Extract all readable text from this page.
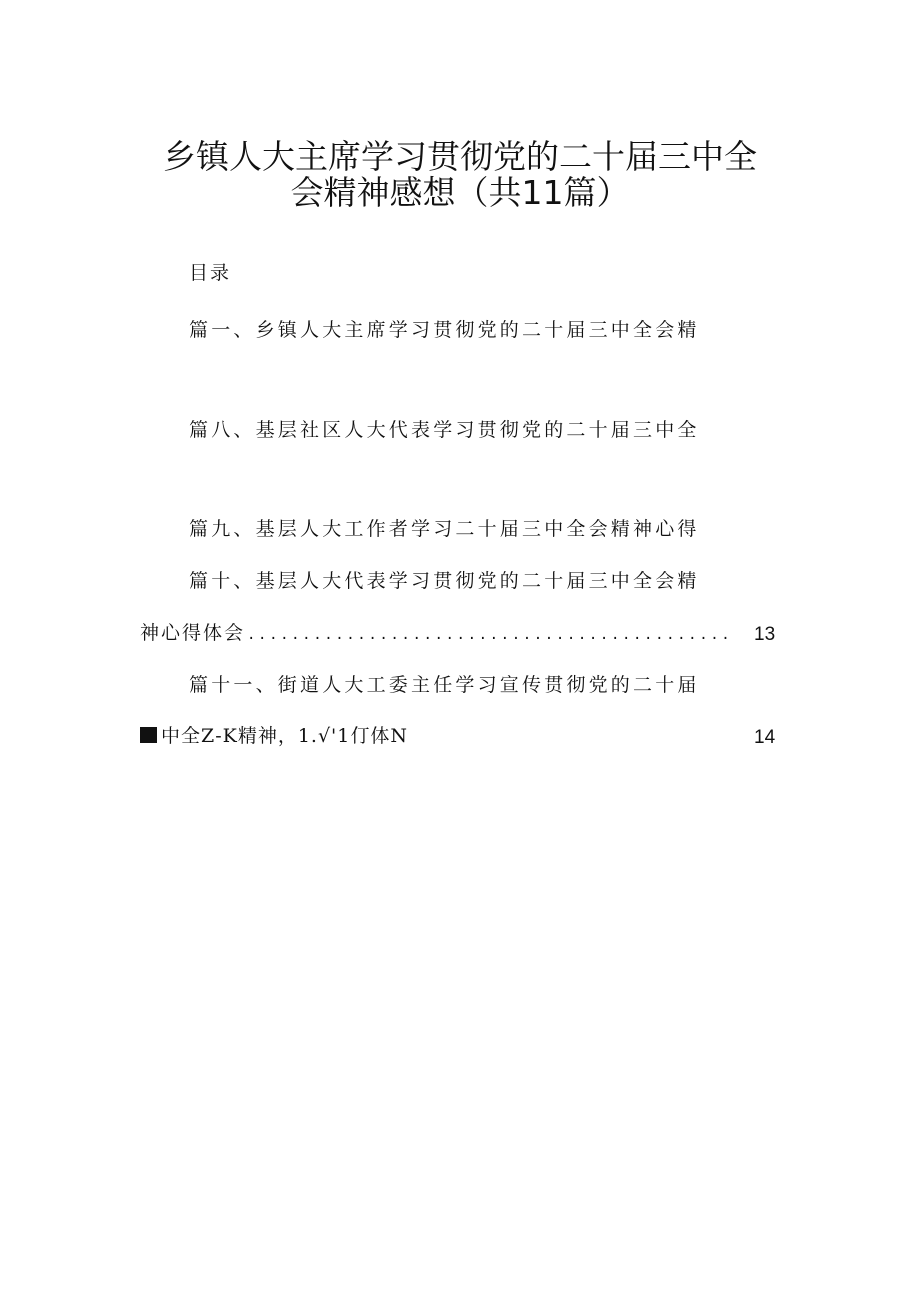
乡镇人大主席学习贯彻党的二十届三中全
会精神感想（共11篇）
目录
篇一、乡镇人大主席学习贯彻党的二十届三中全会精
篇八、基层社区人大代表学习贯彻党的二十届三中全
篇九、基层人大工作者学习二十届三中全会精神心得
篇十、基层人大代表学习贯彻党的二十届三中全会精
神心得体会 ............................................	13
篇十一、街道人大工委主任学习宣传贯彻党的二十届
中全Z-K精神，1.√'1仃体N	14
